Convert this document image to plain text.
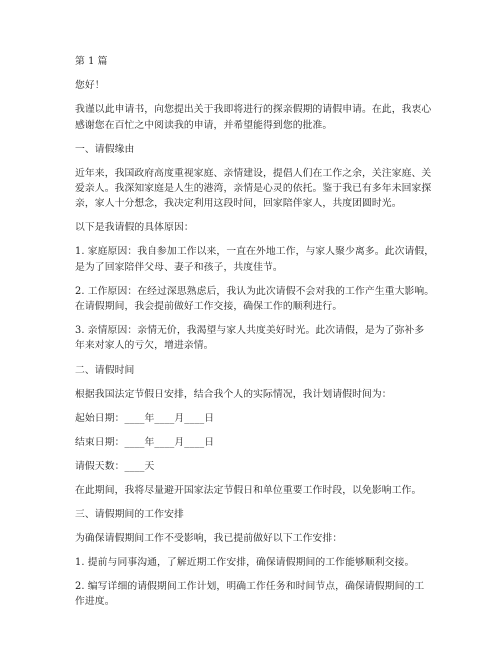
第 1 篇
您好！
我谨以此申请书，向您提出关于我即将进行的探亲假期的请假申请。在此，我衷心
感谢您在百忙之中阅读我的申请，并希望能得到您的批准。
一、请假缘由
近年来，我国政府高度重视家庭、亲情建设，提倡人们在工作之余，关注家庭、关
爱亲人。我深知家庭是人生的港湾，亲情是心灵的依托。鉴于我已有多年未回家探
亲，家人十分想念，我决定利用这段时间，回家陪伴家人，共度团圆时光。
以下是我请假的具体原因：
1. 家庭原因：我自参加工作以来，一直在外地工作，与家人聚少离多。此次请假，
是为了回家陪伴父母、妻子和孩子，共度佳节。
2. 工作原因：在经过深思熟虑后，我认为此次请假不会对我的工作产生重大影响。
在请假期间，我会提前做好工作交接，确保工作的顺利进行。
3. 亲情原因：亲情无价，我渴望与家人共度美好时光。此次请假，是为了弥补多
年来对家人的亏欠，增进亲情。
二、请假时间
根据我国法定节假日安排，结合我个人的实际情况，我计划请假时间为：
起始日期：____年____月____日
结束日期：____年____月____日
请假天数：____天
在此期间，我将尽量避开国家法定节假日和单位重要工作时段，以免影响工作。
三、请假期间的工作安排
为确保请假期间工作不受影响，我已提前做好以下工作安排：
1. 提前与同事沟通，了解近期工作安排，确保请假期间的工作能够顺利交接。
2. 编写详细的请假期间工作计划，明确工作任务和时间节点，确保请假期间的工
作进度。
